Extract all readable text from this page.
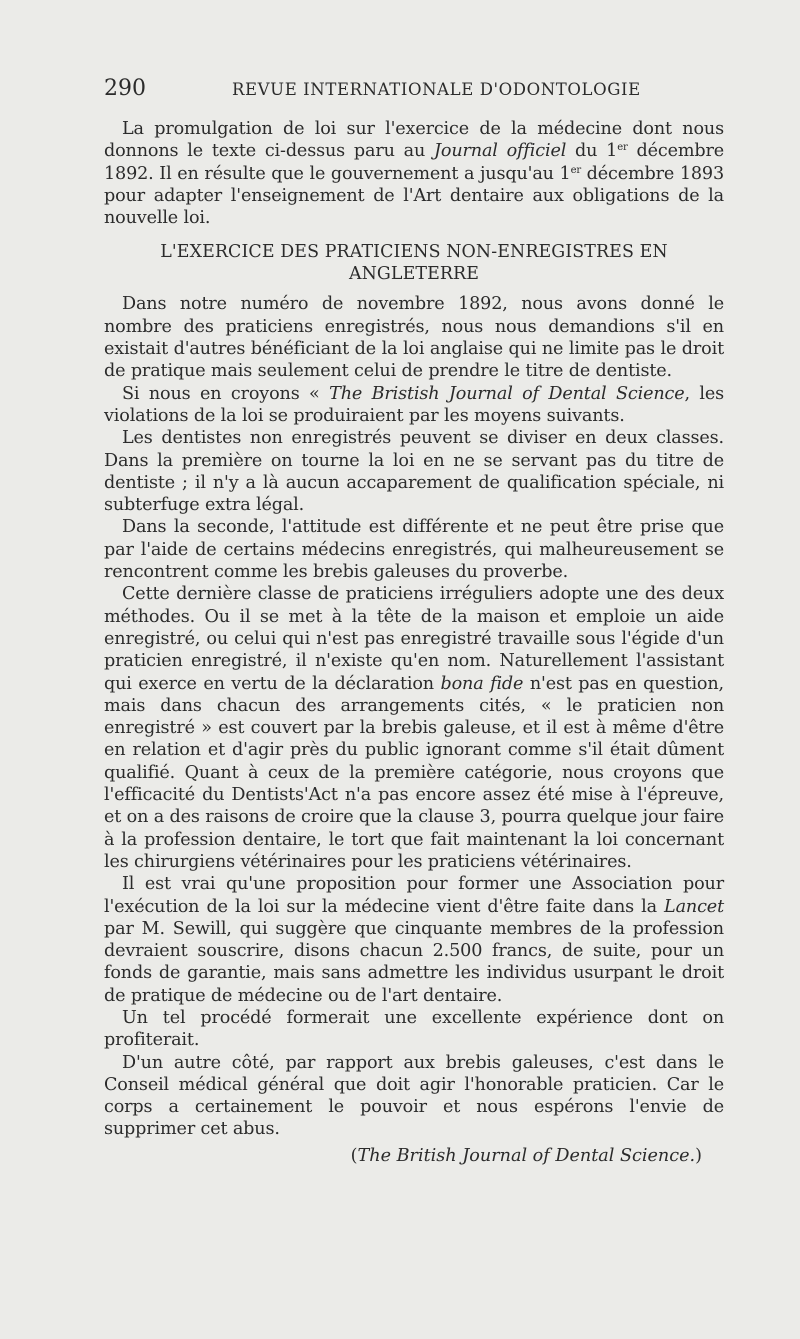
290	REVUE INTERNATIONALE D'ODONTOLOGIE

La promulgation de loi sur l'exercice de la médecine dont nous donnons le texte ci-dessus paru au Journal officiel du 1er décembre 1892. Il en résulte que le gouvernement a jusqu'au 1er décembre 1893 pour adapter l'enseignement de l'Art dentaire aux obligations de la nouvelle loi.

L'EXERCICE DES PRATICIENS NON-ENREGISTRES EN ANGLETERRE

Dans notre numéro de novembre 1892, nous avons donné le nombre des praticiens enregistrés, nous nous demandions s'il en existait d'autres bénéficiant de la loi anglaise qui ne limite pas le droit de pratique mais seulement celui de prendre le titre de dentiste.

Si nous en croyons « The Bristish Journal of Dental Science, les violations de la loi se produiraient par les moyens suivants.

Les dentistes non enregistrés peuvent se diviser en deux classes. Dans la première on tourne la loi en ne se servant pas du titre de dentiste ; il n'y a là aucun accaparement de qualification spéciale, ni subterfuge extra légal.

Dans la seconde, l'attitude est différente et ne peut être prise que par l'aide de certains médecins enregistrés, qui malheureusement se rencontrent comme les brebis galeuses du proverbe.

Cette dernière classe de praticiens irréguliers adopte une des deux méthodes. Ou il se met à la tête de la maison et emploie un aide enregistré, ou celui qui n'est pas enregistré travaille sous l'égide d'un praticien enregistré, il n'existe qu'en nom. Naturellement l'assistant qui exerce en vertu de la déclaration bona fide n'est pas en question, mais dans chacun des arrangements cités, « le praticien non enregistré » est couvert par la brebis galeuse, et il est à même d'être en relation et d'agir près du public ignorant comme s'il était dûment qualifié. Quant à ceux de la première catégorie, nous croyons que l'efficacité du Dentists'Act n'a pas encore assez été mise à l'épreuve, et on a des raisons de croire que la clause 3, pourra quelque jour faire à la profession dentaire, le tort que fait maintenant la loi concernant les chirurgiens vétérinaires pour les praticiens vétérinaires.

Il est vrai qu'une proposition pour former une Association pour l'exécution de la loi sur la médecine vient d'être faite dans la Lancet par M. Sewill, qui suggère que cinquante membres de la profession devraient souscrire, disons chacun 2.500 francs, de suite, pour un fonds de garantie, mais sans admettre les individus usurpant le droit de pratique de médecine ou de l'art dentaire.

Un tel procédé formerait une excellente expérience dont on profiterait.

D'un autre côté, par rapport aux brebis galeuses, c'est dans le Conseil médical général que doit agir l'honorable praticien. Car le corps a certainement le pouvoir et nous espérons l'envie de supprimer cet abus.

(The British Journal of Dental Science.)
